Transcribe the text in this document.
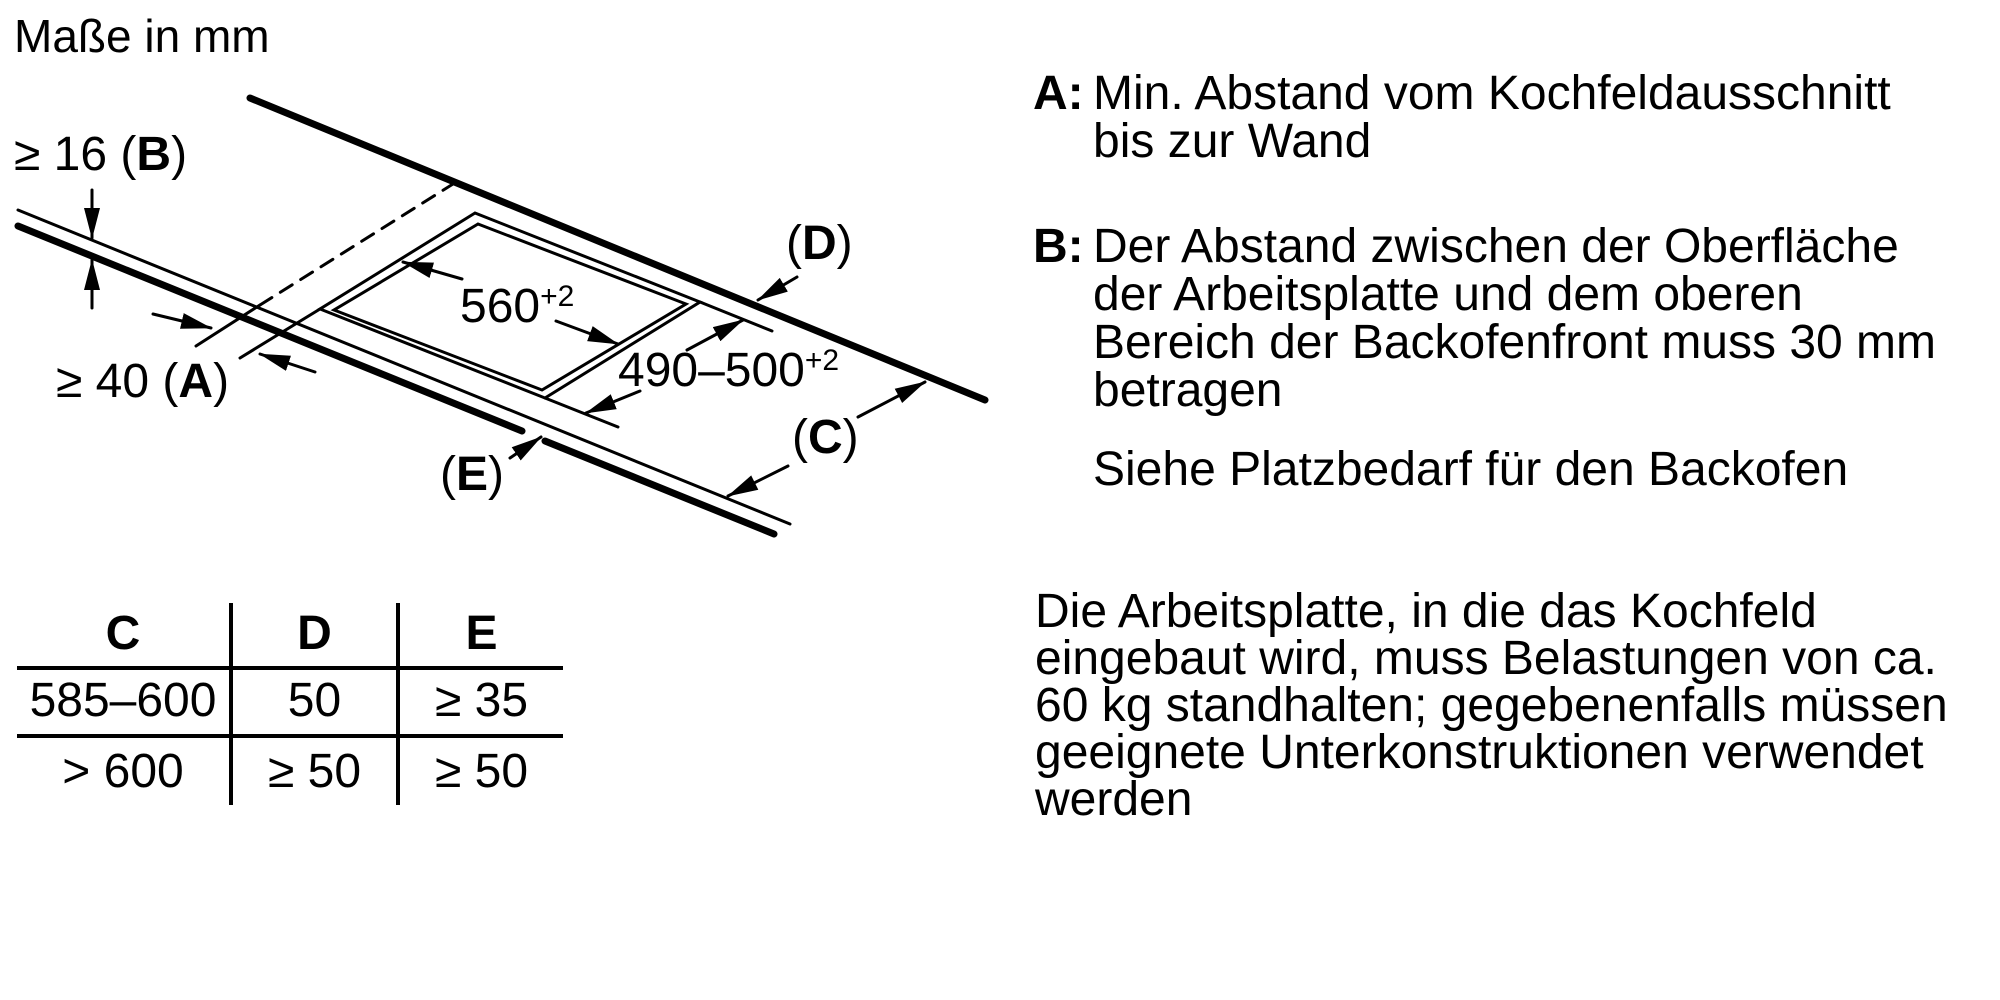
Maße in mm
≥ 16 (B)
≥ 40 (A)
$560^{+2}$
$490-500^{+2}$
(D)
(C)
(E)
C	D	E
585–600	50	≥ 35
> 600	≥ 50	≥ 50
A: Min. Abstand vom Kochfeldausschnitt
bis zur Wand
B: Der Abstand zwischen der Oberfläche
der Arbeitsplatte und dem oberen
Bereich der Backofenfront muss 30 mm
betragen
Siehe Platzbedarf für den Backofen
Die Arbeitsplatte, in die das Kochfeld
eingebaut wird, muss Belastungen von ca.
60 kg standhalten; gegebenenfalls müssen
geeignete Unterkonstruktionen verwendet
werden
